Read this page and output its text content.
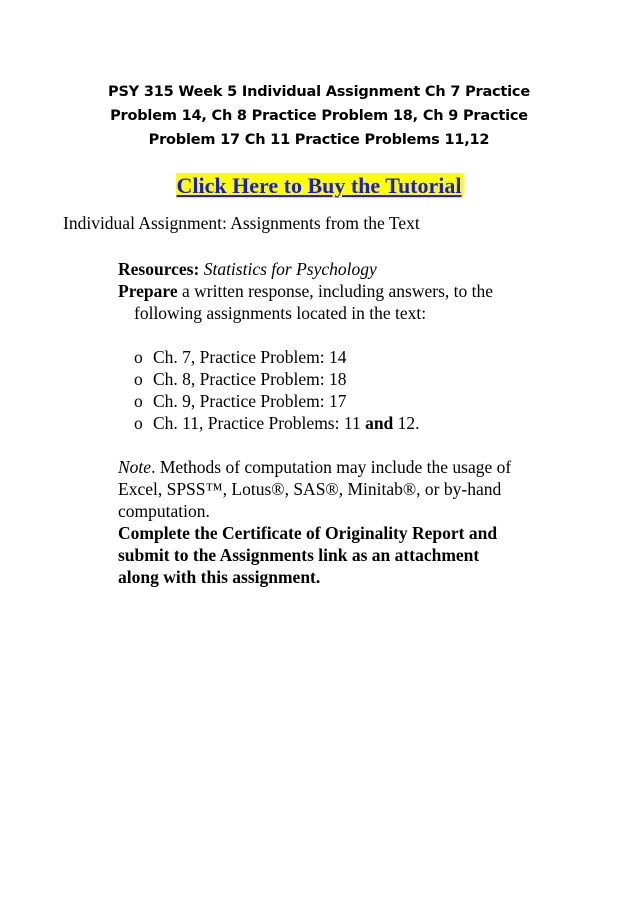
PSY 315 Week 5 Individual Assignment Ch 7 Practice
Problem 14, Ch 8 Practice Problem 18, Ch 9 Practice
Problem 17 Ch 11 Practice Problems 11,12
Click Here to Buy the Tutorial
Individual Assignment: Assignments from the Text
Resources: Statistics for Psychology
Prepare a written response, including answers, to the
following assignments located in the text:
o Ch. 7, Practice Problem: 14
o Ch. 8, Practice Problem: 18
o Ch. 9, Practice Problem: 17
o Ch. 11, Practice Problems: 11 and 12.
Note. Methods of computation may include the usage of
Excel, SPSS™, Lotus®, SAS®, Minitab®, or by-hand
computation.
Complete the Certificate of Originality Report and
submit to the Assignments link as an attachment
along with this assignment.
